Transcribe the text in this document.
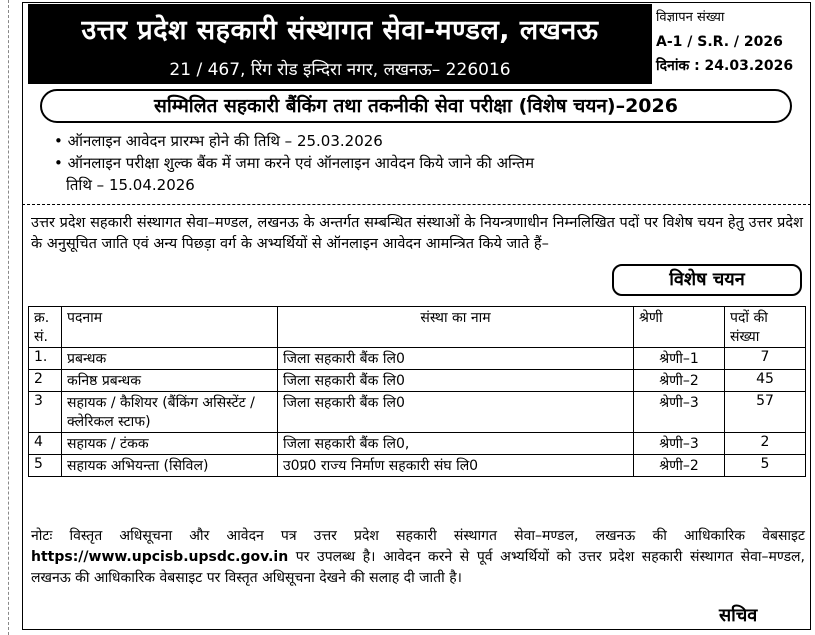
उत्तर प्रदेश सहकारी संस्थागत सेवा-मण्डल, लखनऊ
21 / 467, रिंग रोड इन्दिरा नगर, लखनऊ– 226016
विज्ञापन संख्या
A-1 / S.R. / 2026
दिनांक : 24.03.2026
सम्मिलित सहकारी बैंकिंग तथा तकनीकी सेवा परीक्षा (विशेष चयन)–2026
• ऑनलाइन आवेदन प्रारम्भ होने की तिथि – 25.03.2026
• ऑनलाइन परीक्षा शुल्क बैंक में जमा करने एवं ऑनलाइन आवेदन किये जाने की अन्तिम
तिथि – 15.04.2026
उत्तर प्रदेश सहकारी संस्थागत सेवा–मण्डल, लखनऊ के अन्तर्गत सम्बन्धित संस्थाओं के नियन्त्रणाधीन निम्नलिखित पदों पर विशेष चयन हेतु उत्तर प्रदेश के अनुसूचित जाति एवं अन्य पिछड़ा वर्ग के अभ्यर्थियों से ऑनलाइन आवेदन आमन्त्रित किये जाते हैं–
विशेष चयन
क्र. सं.	पदनाम	संस्था का नाम	श्रेणी	पदों की संख्या
1.	प्रबन्धक	जिला सहकारी बैंक लि0	श्रेणी–1	7
2	कनिष्ठ प्रबन्धक	जिला सहकारी बैंक लि0	श्रेणी–2	45
3	सहायक / कैशियर (बैंकिंग असिस्टेंट / क्लेरिकल स्टाफ)	जिला सहकारी बैंक लि0	श्रेणी–3	57
4	सहायक / टंकक	जिला सहकारी बैंक लि0,	श्रेणी–3	2
5	सहायक अभियन्ता (सिविल)	उ0प्र0 राज्य निर्माण सहकारी संघ लि0	श्रेणी–2	5
नोटः विस्तृत अधिसूचना और आवेदन पत्र उत्तर प्रदेश सहकारी संस्थागत सेवा–मण्डल, लखनऊ की आधिकारिक वेबसाइट https://www.upcisb.upsdc.gov.in पर उपलब्ध है। आवेदन करने से पूर्व अभ्यर्थियों को उत्तर प्रदेश सहकारी संस्थागत सेवा–मण्डल, लखनऊ की आधिकारिक वेबसाइट पर विस्तृत अधिसूचना देखने की सलाह दी जाती है।
सचिव
